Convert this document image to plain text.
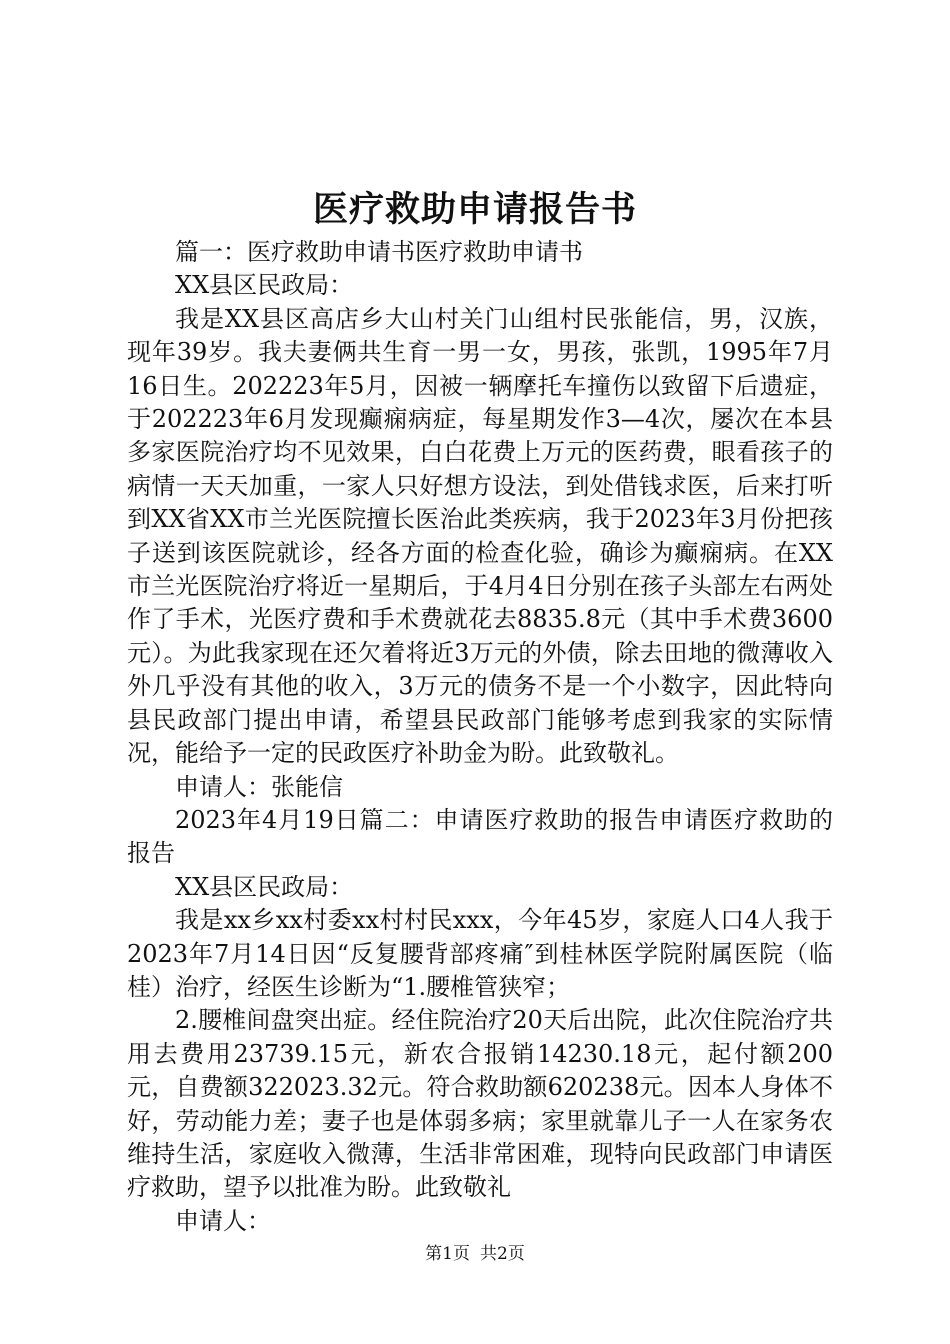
医疗救助申请报告书

篇一：医疗救助申请书医疗救助申请书

XX县区民政局：

我是XX县区高店乡大山村关门山组村民张能信，男，汉族，现年39岁。我夫妻俩共生育一男一女，男孩，张凯，1995年7月16日生。202223年5月，因被一辆摩托车撞伤以致留下后遗症，于202223年6月发现癫痫病症，每星期发作3—4次，屡次在本县多家医院治疗均不见效果，白白花费上万元的医药费，眼看孩子的病情一天天加重，一家人只好想方设法，到处借钱求医，后来打听到XX省XX市兰光医院擅长医治此类疾病，我于2023年3月份把孩子送到该医院就诊，经各方面的检查化验，确诊为癫痫病。在XX市兰光医院治疗将近一星期后，于4月4日分别在孩子头部左右两处作了手术，光医疗费和手术费就花去8835.8元（其中手术费3600元）。为此我家现在还欠着将近3万元的外债，除去田地的微薄收入外几乎没有其他的收入，3万元的债务不是一个小数字，因此特向县民政部门提出申请，希望县民政部门能够考虑到我家的实际情况，能给予一定的民政医疗补助金为盼。此致敬礼。

申请人：张能信

2023年4月19日篇二：申请医疗救助的报告申请医疗救助的报告

XX县区民政局：

我是xx乡xx村委xx村村民xxx，今年45岁，家庭人口4人我于2023年7月14日因“反复腰背部疼痛″到桂林医学院附属医院（临桂）治疗，经医生诊断为“1.腰椎管狭窄；

2.腰椎间盘突出症。经住院治疗20天后出院，此次住院治疗共用去费用23739.15元，新农合报销14230.18元，起付额200元，自费额322023.32元。符合救助额620238元。因本人身体不好，劳动能力差；妻子也是体弱多病；家里就靠儿子一人在家务农维持生活，家庭收入微薄，生活非常困难，现特向民政部门申请医疗救助，望予以批准为盼。此致敬礼

申请人：

第1页 共2页
